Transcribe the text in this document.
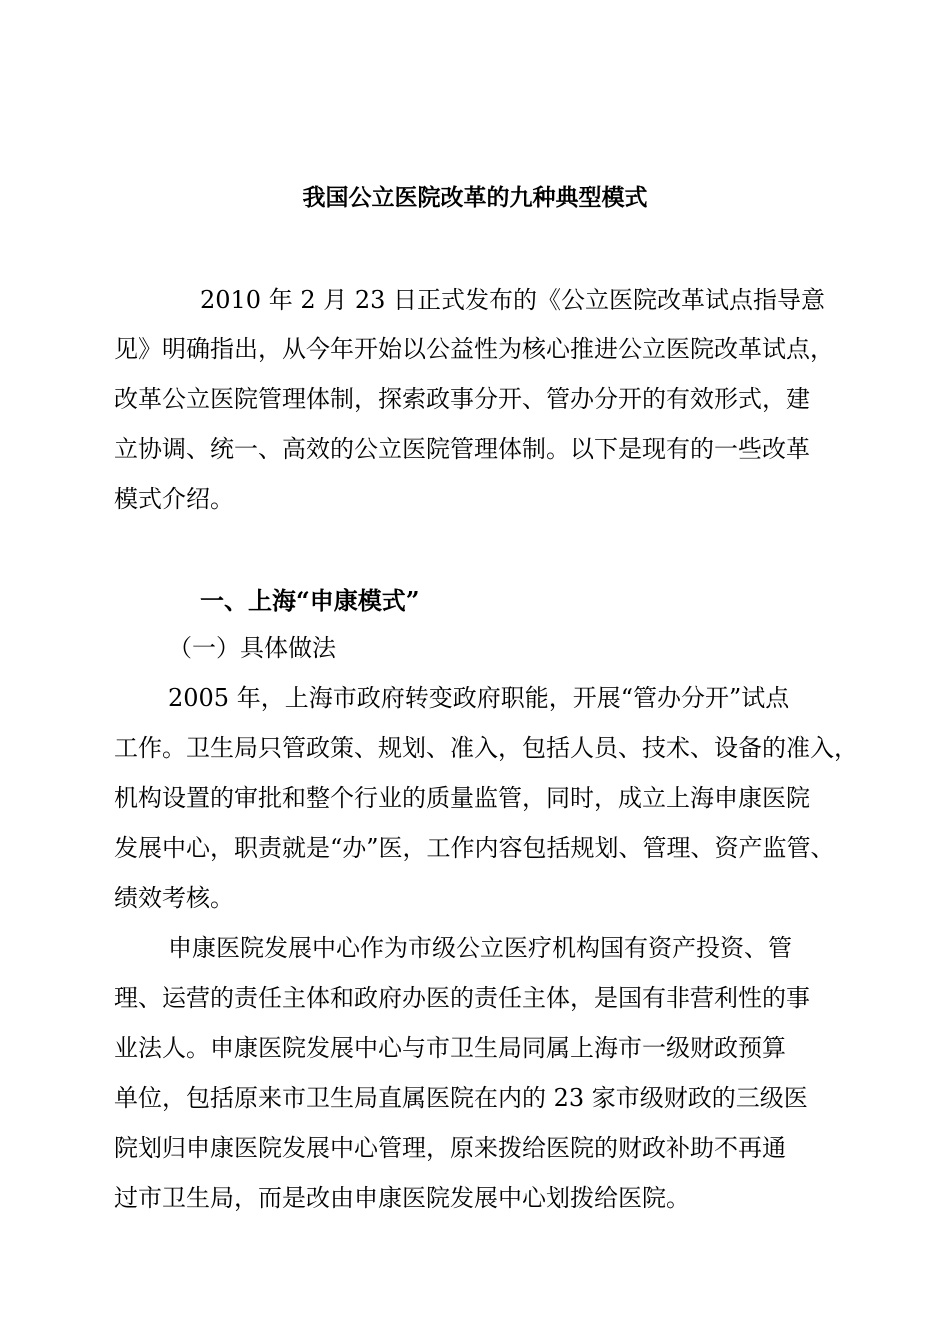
我国公立医院改革的九种典型模式
2010 年 2 月 23 日正式发布的《公立医院改革试点指导意
见》明确指出，从今年开始以公益性为核心推进公立医院改革试点，
改革公立医院管理体制，探索政事分开、管办分开的有效形式，建
立协调、统一、高效的公立医院管理体制。以下是现有的一些改革
模式介绍。
一、上海“申康模式”
（一）具体做法
2005 年，上海市政府转变政府职能，开展“管办分开”试点
工作。卫生局只管政策、规划、准入，包括人员、技术、设备的准入，
机构设置的审批和整个行业的质量监管，同时，成立上海申康医院
发展中心，职责就是“办”医，工作内容包括规划、管理、资产监管、
绩效考核。
申康医院发展中心作为市级公立医疗机构国有资产投资、管
理、运营的责任主体和政府办医的责任主体，是国有非营利性的事
业法人。申康医院发展中心与市卫生局同属上海市一级财政预算
单位，包括原来市卫生局直属医院在内的 23 家市级财政的三级医
院划归申康医院发展中心管理，原来拨给医院的财政补助不再通
过市卫生局，而是改由申康医院发展中心划拨给医院。
